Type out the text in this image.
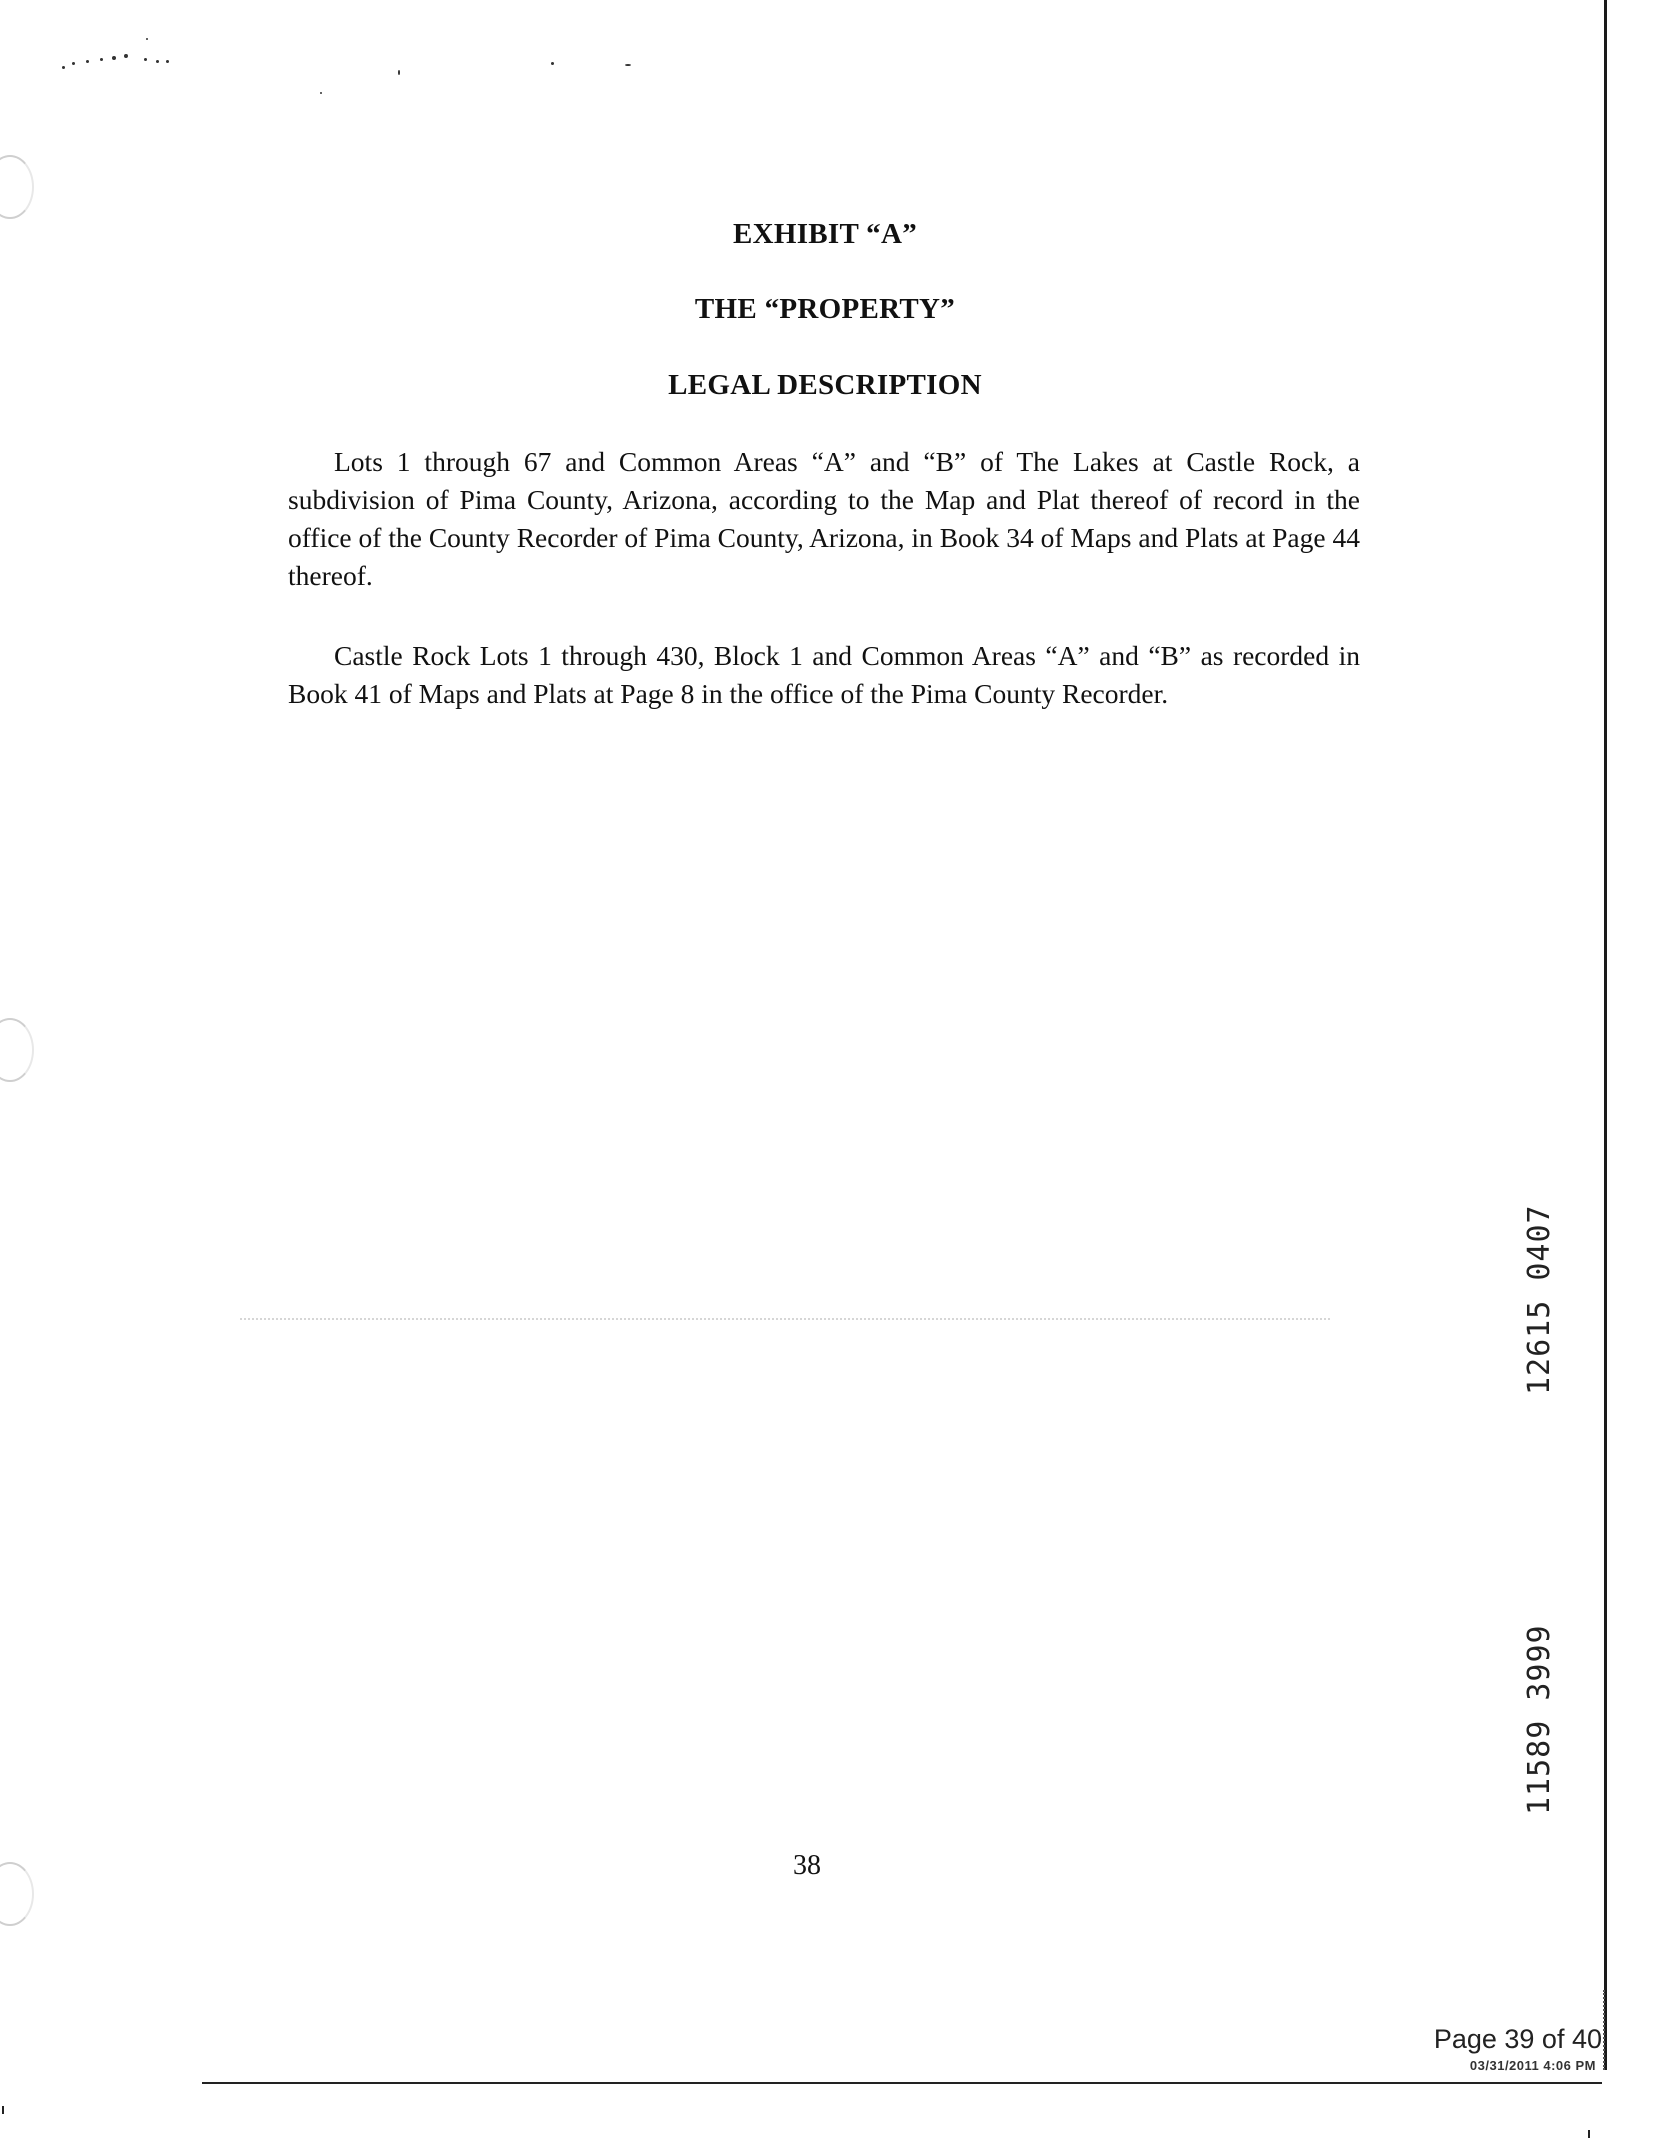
EXHIBIT “A”
THE “PROPERTY”
LEGAL DESCRIPTION
Lots 1 through 67 and Common Areas “A” and “B” of The Lakes at Castle Rock, a subdivision of Pima County, Arizona, according to the Map and Plat thereof of record in the office of the County Recorder of Pima County, Arizona, in Book 34 of Maps and Plats at Page 44 thereof.
Castle Rock Lots 1 through 430, Block 1 and Common Areas “A” and “B” as recorded in Book 41 of Maps and Plats at Page 8 in the office of the Pima County Recorder.
38
12615 0407
11589 3999
Page 39 of 40
03/31/2011 4:06 PM
